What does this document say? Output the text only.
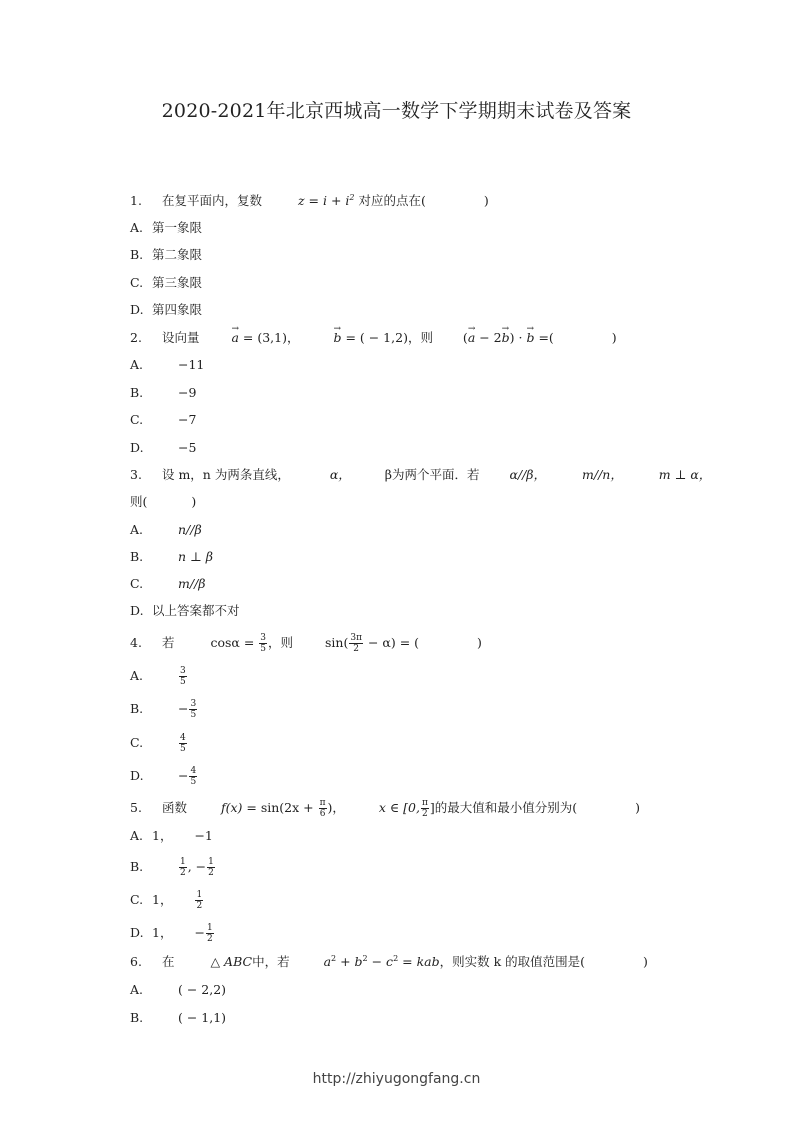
2020-2021年北京西城高一数学下学期期末试卷及答案
1. 在复平面内，复数	$z = i + i^2$ 对应的点在(	)
A. 第一象限
B. 第二象限
C. 第三象限
D. 第四象限
2. 设向量	→ a = (3,1)，	→ b = ( − 1,2)，则 (→ a − 2→ b) · → b =(	)
A.	−11
B.	−9
C.	−7
D.	−5
3. 设 m，n 为两条直线，	α，	β为两个平面．若 α//β，	m//n，	m ⊥ α，
则(	)
A.	n//β
B.	n ⊥ β
C.	m//β
D. 以上答案都不对
4. 若	$\cos\alpha = \frac{3}{5}$ ，则	$\sin( \frac{3\pi}{2} - \alpha)$ = (	)
A.	$\frac{3}{5}$
B.	− $\frac{3}{5}$
C.	$\frac{4}{5}$
D.	− $\frac{4}{5}$
5. 函数	$f(x) = \sin(2x + \frac{\pi}{6}$ )，	x ∈ [0, $\frac{\pi}{2}$ ]的最大值和最小值分别为(	)
A. 1， −1
B.	$\frac{1}{2}$ , − $\frac{1}{2}$
C. 1，	$\frac{1}{2}$
D. 1， − $\frac{1}{2}$
6. 在	△ ABC中，若	$a^2 + b^2 - c^2$ = kab，则实数 k 的取值范围是(	)
A.	( − 2,2)
B.	( − 1,1)
http://zhiyugongfang.cn
